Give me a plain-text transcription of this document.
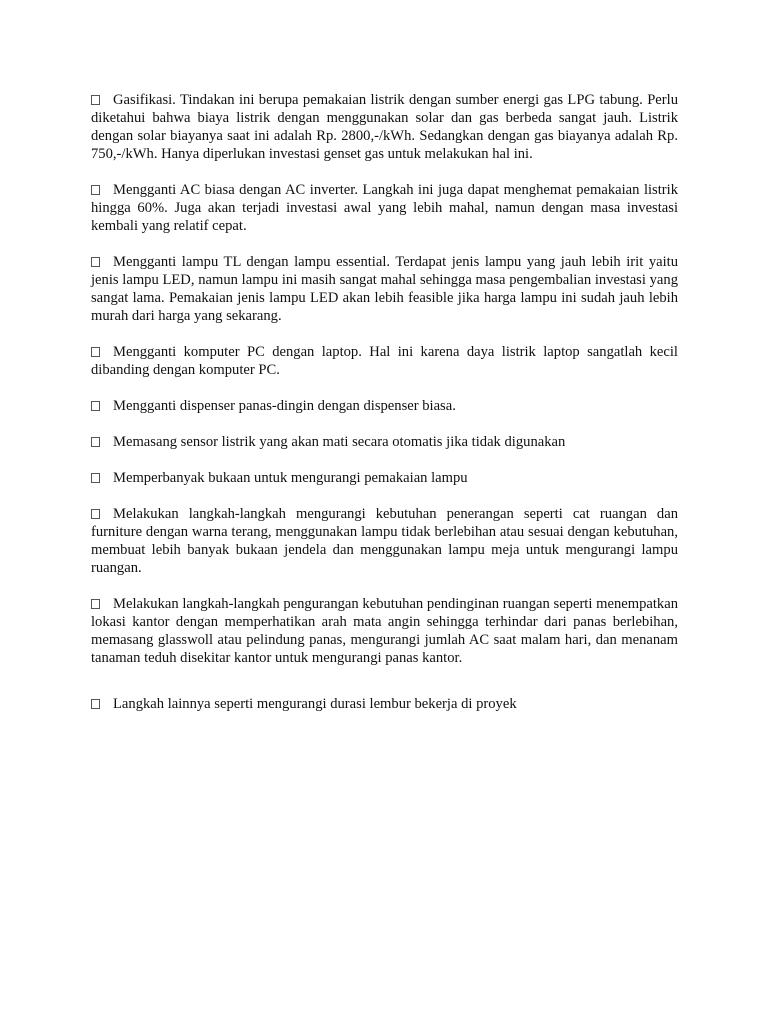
Gasifikasi. Tindakan ini berupa pemakaian listrik dengan sumber energi gas LPG tabung. Perlu diketahui bahwa biaya listrik dengan menggunakan solar dan gas berbeda sangat jauh. Listrik dengan solar biayanya saat ini adalah Rp. 2800,-/kWh. Sedangkan dengan gas biayanya adalah Rp. 750,-/kWh. Hanya diperlukan investasi genset gas untuk melakukan hal ini.

Mengganti AC biasa dengan AC inverter. Langkah ini juga dapat menghemat pemakaian listrik hingga 60%. Juga akan terjadi investasi awal yang lebih mahal, namun dengan masa investasi kembali yang relatif cepat.

Mengganti lampu TL dengan lampu essential. Terdapat jenis lampu yang jauh lebih irit yaitu jenis lampu LED, namun lampu ini masih sangat mahal sehingga masa pengembalian investasi yang sangat lama. Pemakaian jenis lampu LED akan lebih feasible jika harga lampu ini sudah jauh lebih murah dari harga yang sekarang.

Mengganti komputer PC dengan laptop. Hal ini karena daya listrik laptop sangatlah kecil dibanding dengan komputer PC.

Mengganti dispenser panas-dingin dengan dispenser biasa.

Memasang sensor listrik yang akan mati secara otomatis jika tidak digunakan

Memperbanyak bukaan untuk mengurangi pemakaian lampu

Melakukan langkah-langkah mengurangi kebutuhan penerangan seperti cat ruangan dan furniture dengan warna terang, menggunakan lampu tidak berlebihan atau sesuai dengan kebutuhan, membuat lebih banyak bukaan jendela dan menggunakan lampu meja untuk mengurangi lampu ruangan.

Melakukan langkah-langkah pengurangan kebutuhan pendinginan ruangan seperti menempatkan lokasi kantor dengan memperhatikan arah mata angin sehingga terhindar dari panas berlebihan, memasang glasswoll atau pelindung panas, mengurangi jumlah AC saat malam hari, dan menanam tanaman teduh disekitar kantor untuk mengurangi panas kantor.

Langkah lainnya seperti mengurangi durasi lembur bekerja di proyek
